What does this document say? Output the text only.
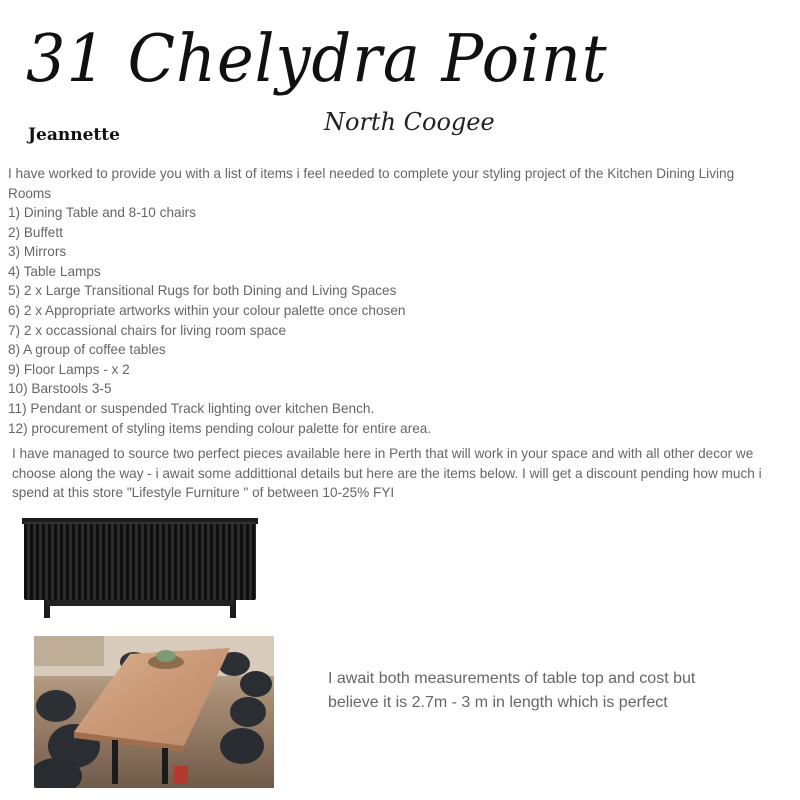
31 Chelydra Point
North Coogee
Jeannette
I have worked to provide you with a list of items i feel needed to complete your styling project of the Kitchen Dining Living Rooms
1) Dining Table and 8-10 chairs
2) Buffett
3) Mirrors
4) Table Lamps
5) 2 x Large Transitional Rugs for both Dining and Living Spaces
6) 2 x Appropriate artworks within your colour palette once chosen
7) 2 x occassional chairs for living room space
8) A group of coffee tables
9) Floor Lamps - x 2
10) Barstools 3-5
11) Pendant or suspended Track lighting over kitchen Bench.
12) procurement of styling items pending colour palette for entire area.
I have managed to source two perfect pieces available here in Perth that will work in your space and with all other decor we choose along the way - i await some addittional details but here are the items below. I will get a discount pending how much i spend at this store "Lifestyle Furniture " of between 10-25% FYI
I await both measurements of table top and cost but believe it is 2.7m - 3 m in length which is perfect
